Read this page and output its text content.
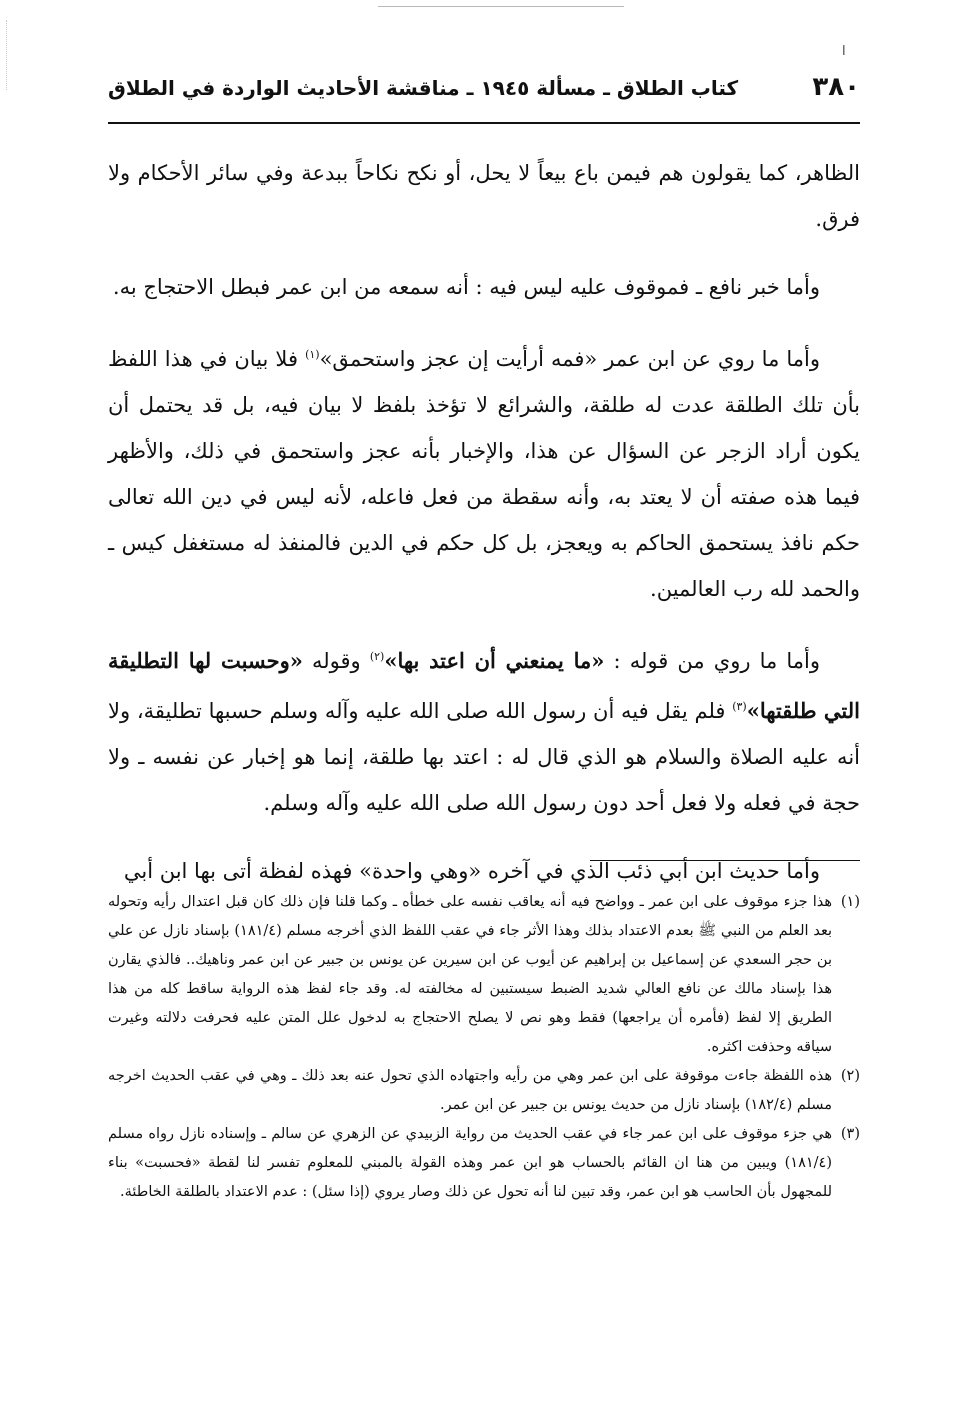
ا
٣٨٠
كتاب الطلاق ـ مسألة ١٩٤٥ ـ مناقشة الأحاديث الواردة في الطلاق

الظاهر، كما يقولون هم فيمن باع بيعاً لا يحل، أو نكح نكاحاً ببدعة وفي سائر الأحكام ولا فرق.

وأما خبر نافع ـ فموقوف عليه ليس فيه : أنه سمعه من ابن عمر فبطل الاحتجاج به.

وأما ما روي عن ابن عمر «فمه أرأيت إن عجز واستحمق»$^{(١)}$ فلا بيان في هذا اللفظ بأن تلك الطلقة عدت له طلقة، والشرائع لا تؤخذ بلفظ لا بيان فيه، بل قد يحتمل أن يكون أراد الزجر عن السؤال عن هذا، والإخبار بأنه عجز واستحمق في ذلك، والأظهر فيما هذه صفته أن لا يعتد به، وأنه سقطة من فعل فاعله، لأنه ليس في دين الله تعالى حكم نافذ يستحمق الحاكم به ويعجز، بل كل حكم في الدين فالمنفذ له مستغفل كيس ـ والحمد لله رب العالمين.

وأما ما روي من قوله : «ما يمنعني أن اعتد بها»$^{(٢)}$ وقوله «وحسبت لها التطليقة التي طلقتها»$^{(٣)}$ فلم يقل فيه أن رسول الله صلى الله عليه وآله وسلم حسبها تطليقة، ولا أنه عليه الصلاة والسلام هو الذي قال له : اعتد بها طلقة، إنما هو إخبار عن نفسه ـ ولا حجة في فعله ولا فعل أحد دون رسول الله صلى الله عليه وآله وسلم.

وأما حديث ابن أبي ذئب الذي في آخره «وهي واحدة» فهذه لفظة أتى بها ابن أبي

(١)
هذا جزء موقوف على ابن عمر ـ وواضح فيه أنه يعاقب نفسه على خطأه ـ وكما قلنا فإن ذلك كان قبل اعتدال رأيه وتحوله بعد العلم من النبي ﷺ بعدم الاعتداد بذلك وهذا الأثر جاء في عقب اللفظ الذي أخرجه مسلم (١٨١/٤) بإسناد نازل عن علي بن حجر السعدي عن إسماعيل بن إبراهيم عن أيوب عن ابن سيرين عن يونس بن جبير عن ابن عمر وناهيك.. فالذي يقارن هذا بإسناد مالك عن نافع العالي شديد الضبط سيستبين له مخالفته له. وقد جاء لفظ هذه الرواية ساقط كله من هذا الطريق إلا لفظ (فأمره أن يراجعها) فقط وهو نص لا يصلح الاحتجاج به لدخول علل المتن عليه فحرفت دلالته وغيرت سياقه وحذفت اكثره.
(٢)
هذه اللفظة جاءت موقوفة على ابن عمر وهي من رأيه واجتهاده الذي تحول عنه بعد ذلك ـ وهي في عقب الحديث اخرجه مسلم (١٨٢/٤) بإسناد نازل من حديث يونس بن جبير عن ابن عمر.
(٣)
هي جزء موقوف على ابن عمر جاء في عقب الحديث من رواية الزبيدي عن الزهري عن سالم ـ وإسناده نازل رواه مسلم (١٨١/٤) ويبين من هنا ان القائم بالحساب هو ابن عمر وهذه القولة بالمبني للمعلوم تفسر لنا لقطة «فحسبت» بناء للمجهول بأن الحاسب هو ابن عمر، وقد تبين لنا أنه تحول عن ذلك وصار يروي (إذا سئل) : عدم الاعتداد بالطلقة الخاطئة.
